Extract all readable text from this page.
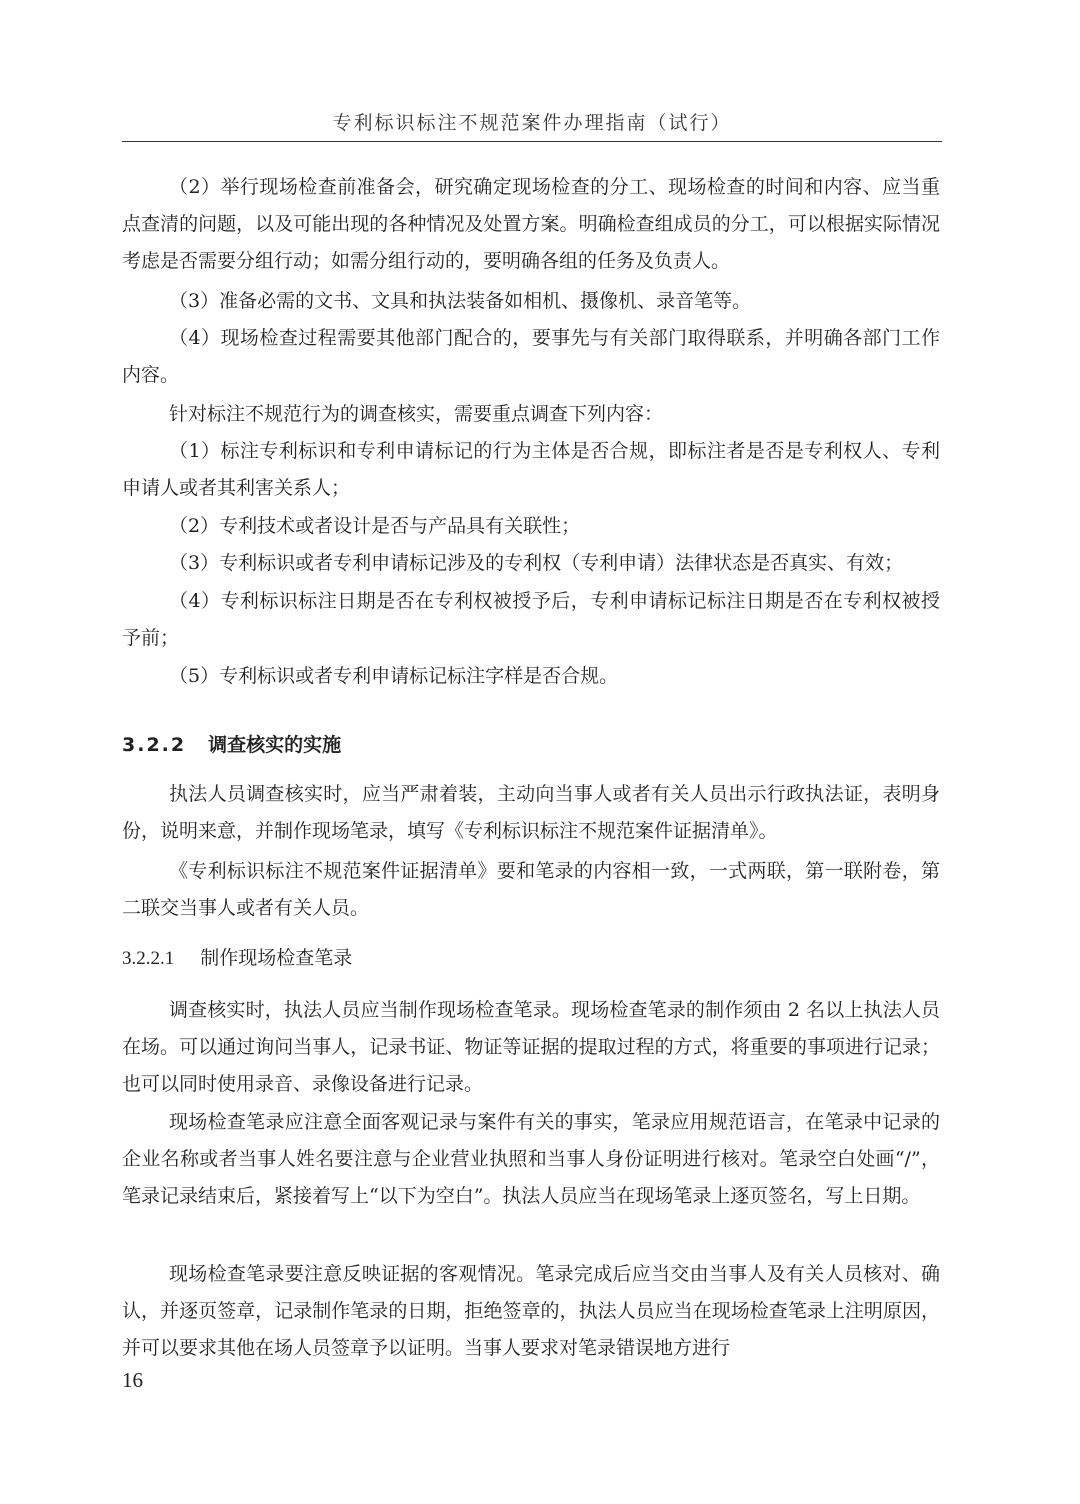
专利标识标注不规范案件办理指南（试行）

（2）举行现场检查前准备会，研究确定现场检查的分工、现场检查的时间和内容、应当重点查清的问题，以及可能出现的各种情况及处置方案。明确检查组成员的分工，可以根据实际情况考虑是否需要分组行动；如需分组行动的，要明确各组的任务及负责人。

（3）准备必需的文书、文具和执法装备如相机、摄像机、录音笔等。

（4）现场检查过程需要其他部门配合的，要事先与有关部门取得联系，并明确各部门工作内容。

针对标注不规范行为的调查核实，需要重点调查下列内容：

（1）标注专利标识和专利申请标记的行为主体是否合规，即标注者是否是专利权人、专利申请人或者其利害关系人；

（2）专利技术或者设计是否与产品具有关联性；

（3）专利标识或者专利申请标记涉及的专利权（专利申请）法律状态是否真实、有效；

（4）专利标识标注日期是否在专利权被授予后，专利申请标记标注日期是否在专利权被授予前；

（5）专利标识或者专利申请标记标注字样是否合规。

3.2.2 调查核实的实施

执法人员调查核实时，应当严肃着装，主动向当事人或者有关人员出示行政执法证，表明身份，说明来意，并制作现场笔录，填写《专利标识标注不规范案件证据清单》。

《专利标识标注不规范案件证据清单》要和笔录的内容相一致，一式两联，第一联附卷，第二联交当事人或者有关人员。

3.2.2.1 制作现场检查笔录

调查核实时，执法人员应当制作现场检查笔录。现场检查笔录的制作须由 2 名以上执法人员在场。可以通过询问当事人，记录书证、物证等证据的提取过程的方式，将重要的事项进行记录；也可以同时使用录音、录像设备进行记录。

现场检查笔录应注意全面客观记录与案件有关的事实，笔录应用规范语言，在笔录中记录的企业名称或者当事人姓名要注意与企业营业执照和当事人身份证明进行核对。笔录空白处画“/”，笔录记录结束后，紧接着写上“以下为空白”。执法人员应当在现场笔录上逐页签名，写上日期。

现场检查笔录要注意反映证据的客观情况。笔录完成后应当交由当事人及有关人员核对、确认，并逐页签章，记录制作笔录的日期，拒绝签章的，执法人员应当在现场检查笔录上注明原因，并可以要求其他在场人员签章予以证明。当事人要求对笔录错误地方进行

16
